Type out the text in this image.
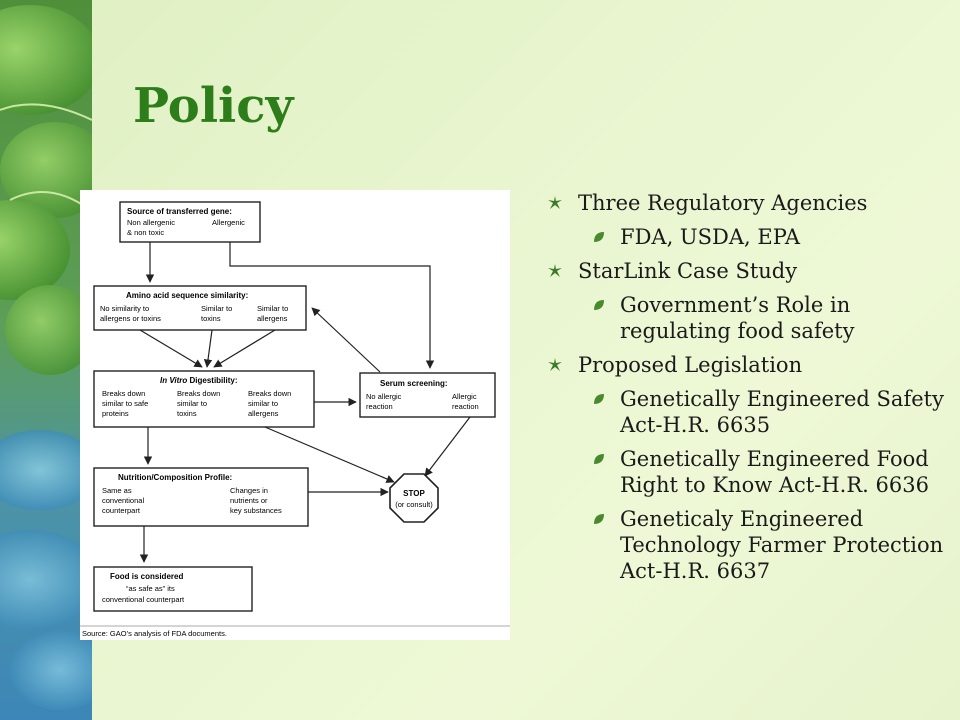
Policy
Source of transferred gene:
Non allergenic
& non toxic
Allergenic
Amino acid sequence similarity:
No similarity to
allergens or toxins
Similar to
toxins
Similar to
allergens
In Vitro Digestibility:
Breaks down
similar to safe
proteins
Breaks down
similar to
toxins
Breaks down
similar to
allergens
Serum screening:
No allergic
reaction
Allergic
reaction
Nutrition/Composition Profile:
Same as
conventional
counterpart
Changes in
nutrients or
key substances
STOP
(or consult)
Food is considered
“as safe as” its
conventional counterpart
Source: GAO’s analysis of FDA documents.
Three Regulatory Agencies
FDA, USDA, EPA
StarLink Case Study
Government’s Role in regulating food safety
Proposed Legislation
Genetically Engineered Safety Act-H.R. 6635
Genetically Engineered Food Right to Know Act-H.R. 6636
Geneticaly Engineered Technology Farmer Protection Act-H.R. 6637
